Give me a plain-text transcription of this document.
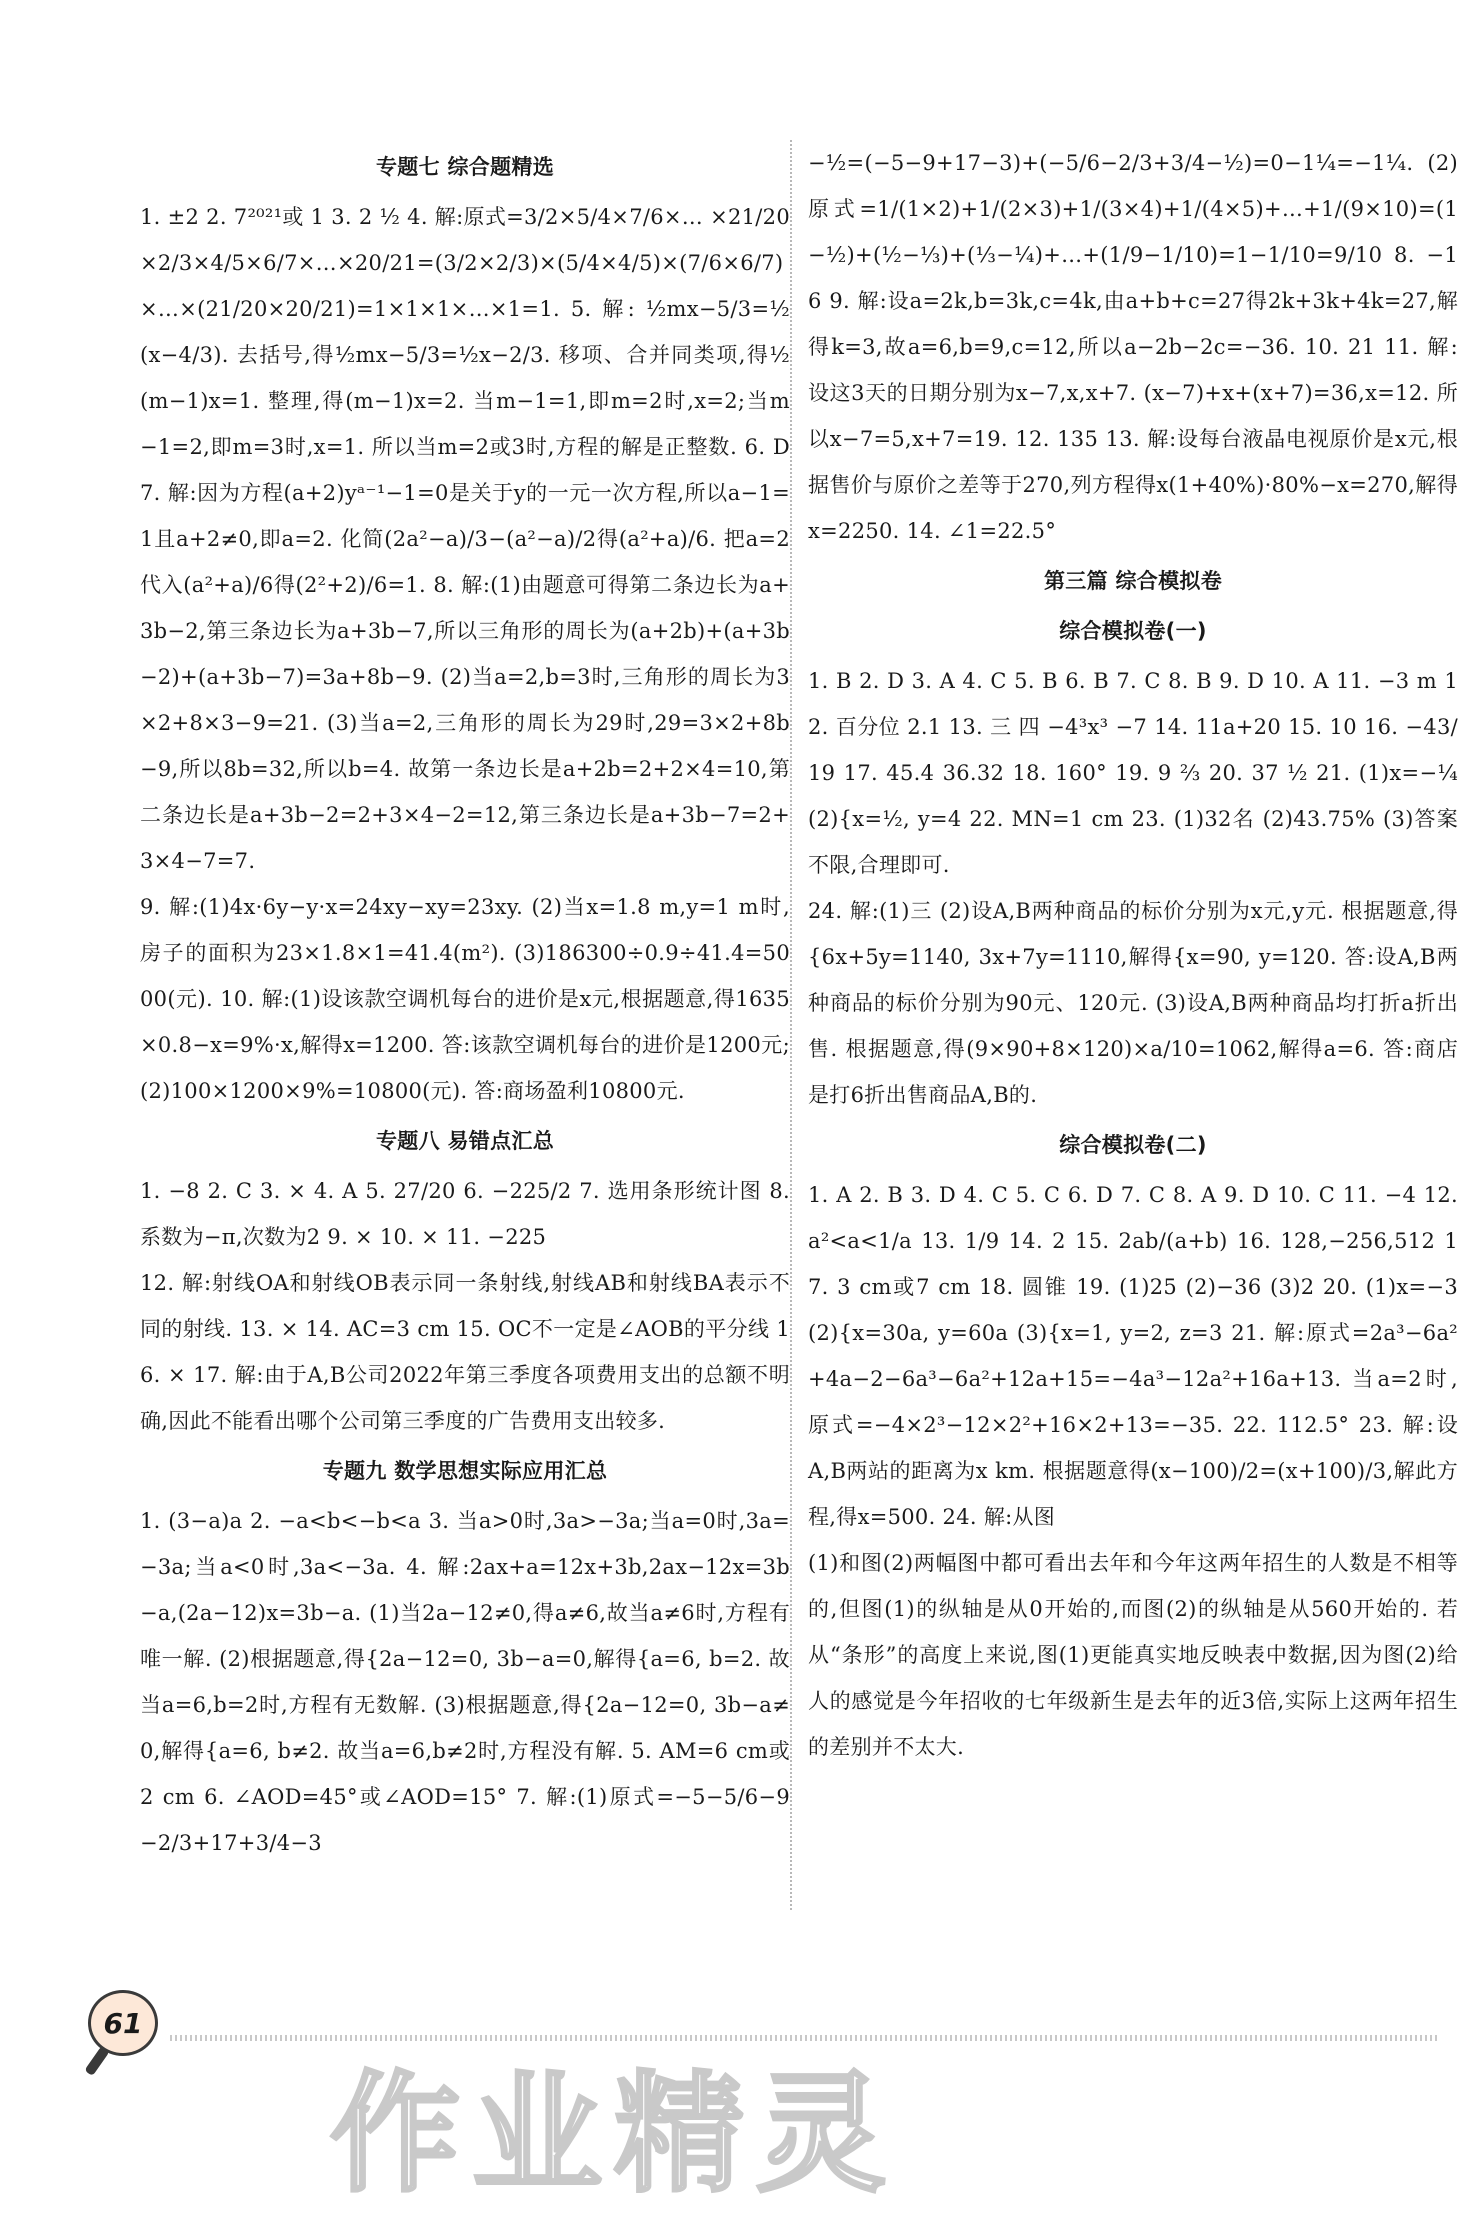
专题七 综合题精选

1. ±2 2. 7²⁰²¹或 1 3. 2 ½ 4. 解:原式=3/2×5/4×7/6×… ×21/20×2/3×4/5×6/7×…×20/21=(3/2×2/3)×(5/4×4/5)×(7/6×6/7)×…×(21/20×20/21)=1×1×1×…×1=1. 5. 解: ½mx−5/3=½(x−4/3). 去括号,得½mx−5/3=½x−2/3. 移项、合并同类项,得½(m−1)x=1. 整理,得(m−1)x=2. 当m−1=1,即m=2时,x=2;当m−1=2,即m=3时,x=1. 所以当m=2或3时,方程的解是正整数. 6. D 7. 解:因为方程(a+2)yᵃ⁻¹−1=0是关于y的一元一次方程,所以a−1=1且a+2≠0,即a=2. 化简(2a²−a)/3−(a²−a)/2得(a²+a)/6. 把a=2代入(a²+a)/6得(2²+2)/6=1. 8. 解:(1)由题意可得第二条边长为a+3b−2,第三条边长为a+3b−7,所以三角形的周长为(a+2b)+(a+3b−2)+(a+3b−7)=3a+8b−9. (2)当a=2,b=3时,三角形的周长为3×2+8×3−9=21. (3)当a=2,三角形的周长为29时,29=3×2+8b−9,所以8b=32,所以b=4. 故第一条边长是a+2b=2+2×4=10,第二条边长是a+3b−2=2+3×4−2=12,第三条边长是a+3b−7=2+3×4−7=7.

9. 解:(1)4x·6y−y·x=24xy−xy=23xy. (2)当x=1.8 m,y=1 m时,房子的面积为23×1.8×1=41.4(m²). (3)186300÷0.9÷41.4=5000(元). 10. 解:(1)设该款空调机每台的进价是x元,根据题意,得1635×0.8−x=9%·x,解得x=1200. 答:该款空调机每台的进价是1200元; (2)100×1200×9%=10800(元). 答:商场盈利10800元.

专题八 易错点汇总

1. −8 2. C 3. × 4. A 5. 27/20 6. −225/2 7. 选用条形统计图 8. 系数为−π,次数为2 9. × 10. × 11. −225

12. 解:射线OA和射线OB表示同一条射线,射线AB和射线BA表示不同的射线. 13. × 14. AC=3 cm 15. OC不一定是∠AOB的平分线 16. × 17. 解:由于A,B公司2022年第三季度各项费用支出的总额不明确,因此不能看出哪个公司第三季度的广告费用支出较多.

专题九 数学思想实际应用汇总

1. (3−a)a 2. −a<b<−b<a 3. 当a>0时,3a>−3a;当a=0时,3a=−3a;当a<0时,3a<−3a. 4. 解:2ax+a=12x+3b,2ax−12x=3b−a,(2a−12)x=3b−a. (1)当2a−12≠0,得a≠6,故当a≠6时,方程有唯一解. (2)根据题意,得{2a−12=0, 3b−a=0,解得{a=6, b=2. 故当a=6,b=2时,方程有无数解. (3)根据题意,得{2a−12=0, 3b−a≠0,解得{a=6, b≠2. 故当a=6,b≠2时,方程没有解. 5. AM=6 cm或2 cm 6. ∠AOD=45°或∠AOD=15° 7. 解:(1)原式=−5−5/6−9−2/3+17+3/4−3

−½=(−5−9+17−3)+(−5/6−2/3+3/4−½)=0−1¼=−1¼. (2)原式=1/(1×2)+1/(2×3)+1/(3×4)+1/(4×5)+…+1/(9×10)=(1−½)+(½−⅓)+(⅓−¼)+…+(1/9−1/10)=1−1/10=9/10 8. −16 9. 解:设a=2k,b=3k,c=4k,由a+b+c=27得2k+3k+4k=27,解得k=3,故a=6,b=9,c=12,所以a−2b−2c=−36. 10. 21 11. 解:设这3天的日期分别为x−7,x,x+7. (x−7)+x+(x+7)=36,x=12. 所以x−7=5,x+7=19. 12. 135 13. 解:设每台液晶电视原价是x元,根据售价与原价之差等于270,列方程得x(1+40%)·80%−x=270,解得x=2250. 14. ∠1=22.5°

第三篇 综合模拟卷
综合模拟卷(一)

1. B 2. D 3. A 4. C 5. B 6. B 7. C 8. B 9. D 10. A 11. −3 m 12. 百分位 2.1 13. 三 四 −4³x³ −7 14. 11a+20 15. 10 16. −43/19 17. 45.4 36.32 18. 160° 19. 9 ⅔ 20. 37 ½ 21. (1)x=−¼ (2){x=½, y=4 22. MN=1 cm 23. (1)32名 (2)43.75% (3)答案不限,合理即可.

24. 解:(1)三 (2)设A,B两种商品的标价分别为x元,y元. 根据题意,得{6x+5y=1140, 3x+7y=1110,解得{x=90, y=120. 答:设A,B两种商品的标价分别为90元、120元. (3)设A,B两种商品均打折a折出售. 根据题意,得(9×90+8×120)×a/10=1062,解得a=6. 答:商店是打6折出售商品A,B的.

综合模拟卷(二)

1. A 2. B 3. D 4. C 5. C 6. D 7. C 8. A 9. D 10. C 11. −4 12. a²<a<1/a 13. 1/9 14. 2 15. 2ab/(a+b) 16. 128,−256,512 17. 3 cm或7 cm 18. 圆锥 19. (1)25 (2)−36 (3)2 20. (1)x=−3 (2){x=30a, y=60a (3){x=1, y=2, z=3 21. 解:原式=2a³−6a²+4a−2−6a³−6a²+12a+15=−4a³−12a²+16a+13. 当a=2时,原式=−4×2³−12×2²+16×2+13=−35. 22. 112.5° 23. 解:设A,B两站的距离为x km. 根据题意得(x−100)/2=(x+100)/3,解此方程,得x=500. 24. 解:从图

(1)和图(2)两幅图中都可看出去年和今年这两年招生的人数是不相等的,但图(1)的纵轴是从0开始的,而图(2)的纵轴是从560开始的. 若从“条形”的高度上来说,图(1)更能真实地反映表中数据,因为图(2)给人的感觉是今年招收的七年级新生是去年的近3倍,实际上这两年招生的差别并不太大.

61
作业精灵
